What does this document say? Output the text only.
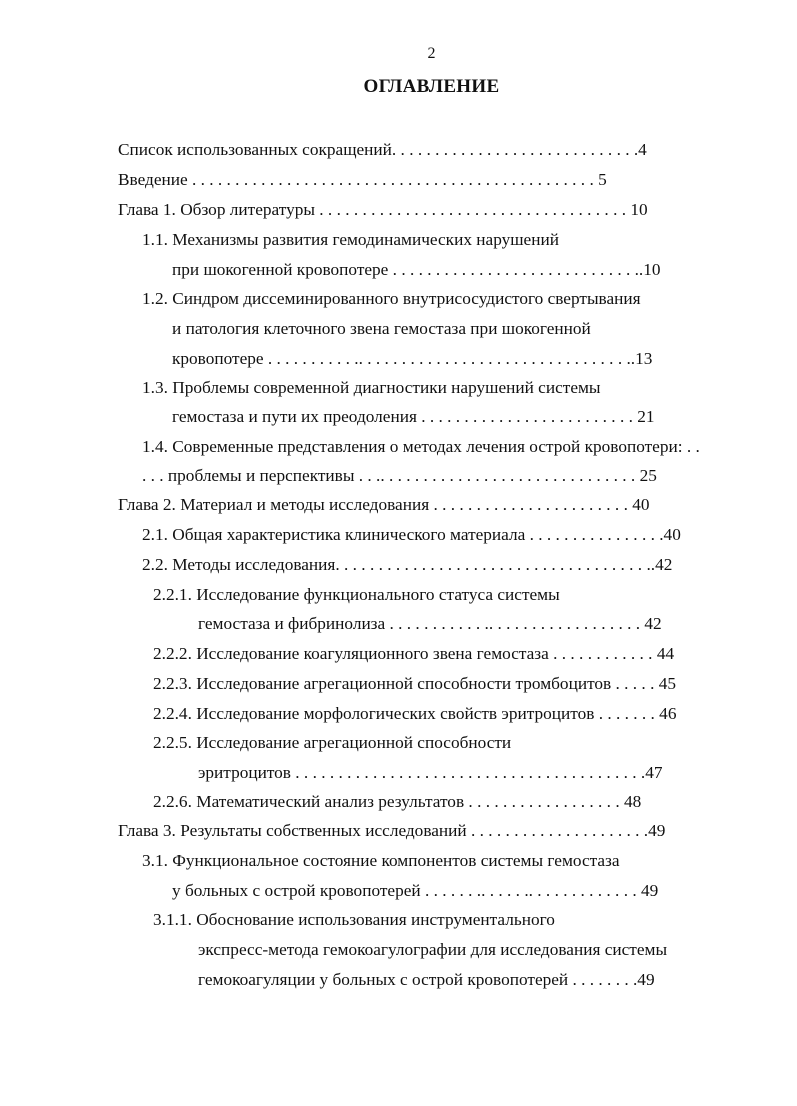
2
ОГЛАВЛЕНИЕ
Список использованных сокращений. . . . . . . . . . . . . . . . . . . . . . . . . . . . .4
Введение . . . . . . . . . . . . . . . . . . . . . . . . . . . . . . . . . . . . . . . . . . . . . . . 5
Глава 1. Обзор литературы . . . . . . . . . . . . . . . . . . . . . . . . . . . . . . . . . . . . 10
1.1. Механизмы развития гемодинамических нарушений
при шокогенной кровопотере . . . . . . . . . . . . . . . . . . . . . . . . . . . . ..10
1.2. Синдром диссеминированного внутрисосудистого свертывания
и патология клеточного звена гемостаза при шокогенной
кровопотере . . . . . . . . . . .. . . . . . . . . . . . . . . . . . . . . . . . . . . . . . . ..13
1.3. Проблемы современной диагностики нарушений системы
гемостаза и пути их преодоления . . . . . . . . . . . . . . . . . . . . . . . . . 21
1.4. Современные представления о методах лечения острой кровопотери: . .
. . . проблемы и перспективы . . .. . . . . . . . . . . . . . . . . . . . . . . . . . . . . . 25
Глава 2. Материал и методы исследования . . . . . . . . . . . . . . . . . . . . . . . 40
2.1. Общая характеристика клинического материала . . . . . . . . . . . . . . . .40
2.2. Методы исследования. . . . . . . . . . . . . . . . . . . . . . . . . . . . . . . . . . . . ..42
2.2.1. Исследование функционального статуса системы
гемостаза и фибринолиза . . . . . . . . . . . .. . . . . . . . . . . . . . . . . . 42
2.2.2. Исследование коагуляционного звена гемостаза . . . . . . . . . . . . 44
2.2.3. Исследование агрегационной способности тромбоцитов . . . . . 45
2.2.4. Исследование морфологических свойств эритроцитов . . . . . . . 46
2.2.5. Исследование агрегационной способности
эритроцитов . . . . . . . . . . . . . . . . . . . . . . . . . . . . . . . . . . . . . . . . .47
2.2.6. Математический анализ результатов . . . . . . . . . . . . . . . . . . 48
Глава 3. Результаты собственных исследований . . . . . . . . . . . . . . . . . . . . .49
3.1. Функциональное состояние компонентов системы гемостаза
у больных с острой кровопотерей . . . . . . .. . . . . .. . . . . . . . . . . . . 49
3.1.1. Обоснование использования инструментального
экспресс-метода гемокоагулографии для исследования системы
гемокоагуляции у больных с острой кровопотерей . . . . . . . .49
